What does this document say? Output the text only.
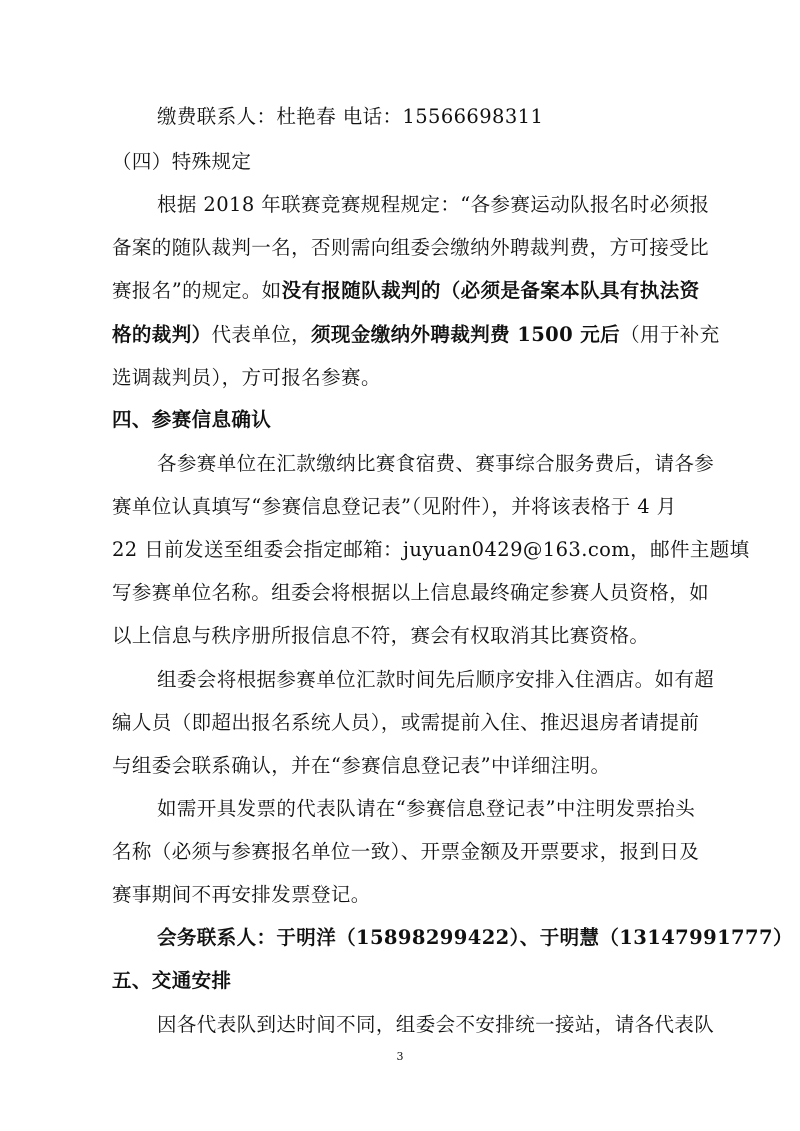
缴费联系人：杜艳春 电话：15566698311
（四）特殊规定
根据 2018 年联赛竞赛规程规定：“各参赛运动队报名时必须报
备案的随队裁判一名，否则需向组委会缴纳外聘裁判费，方可接受比
赛报名”的规定。如没有报随队裁判的（必须是备案本队具有执法资
格的裁判）代表单位，须现金缴纳外聘裁判费 1500 元后（用于补充
选调裁判员），方可报名参赛。
四、参赛信息确认
各参赛单位在汇款缴纳比赛食宿费、赛事综合服务费后，请各参
赛单位认真填写“参赛信息登记表”（见附件），并将该表格于 4 月
22 日前发送至组委会指定邮箱：juyuan0429@163.com，邮件主题填
写参赛单位名称。组委会将根据以上信息最终确定参赛人员资格，如
以上信息与秩序册所报信息不符，赛会有权取消其比赛资格。
组委会将根据参赛单位汇款时间先后顺序安排入住酒店。如有超
编人员（即超出报名系统人员），或需提前入住、推迟退房者请提前
与组委会联系确认，并在“参赛信息登记表”中详细注明。
如需开具发票的代表队请在“参赛信息登记表”中注明发票抬头
名称（必须与参赛报名单位一致）、开票金额及开票要求，报到日及
赛事期间不再安排发票登记。
会务联系人：于明洋（15898299422）、于明慧（13147991777）
五、交通安排
因各代表队到达时间不同，组委会不安排统一接站，请各代表队
3
